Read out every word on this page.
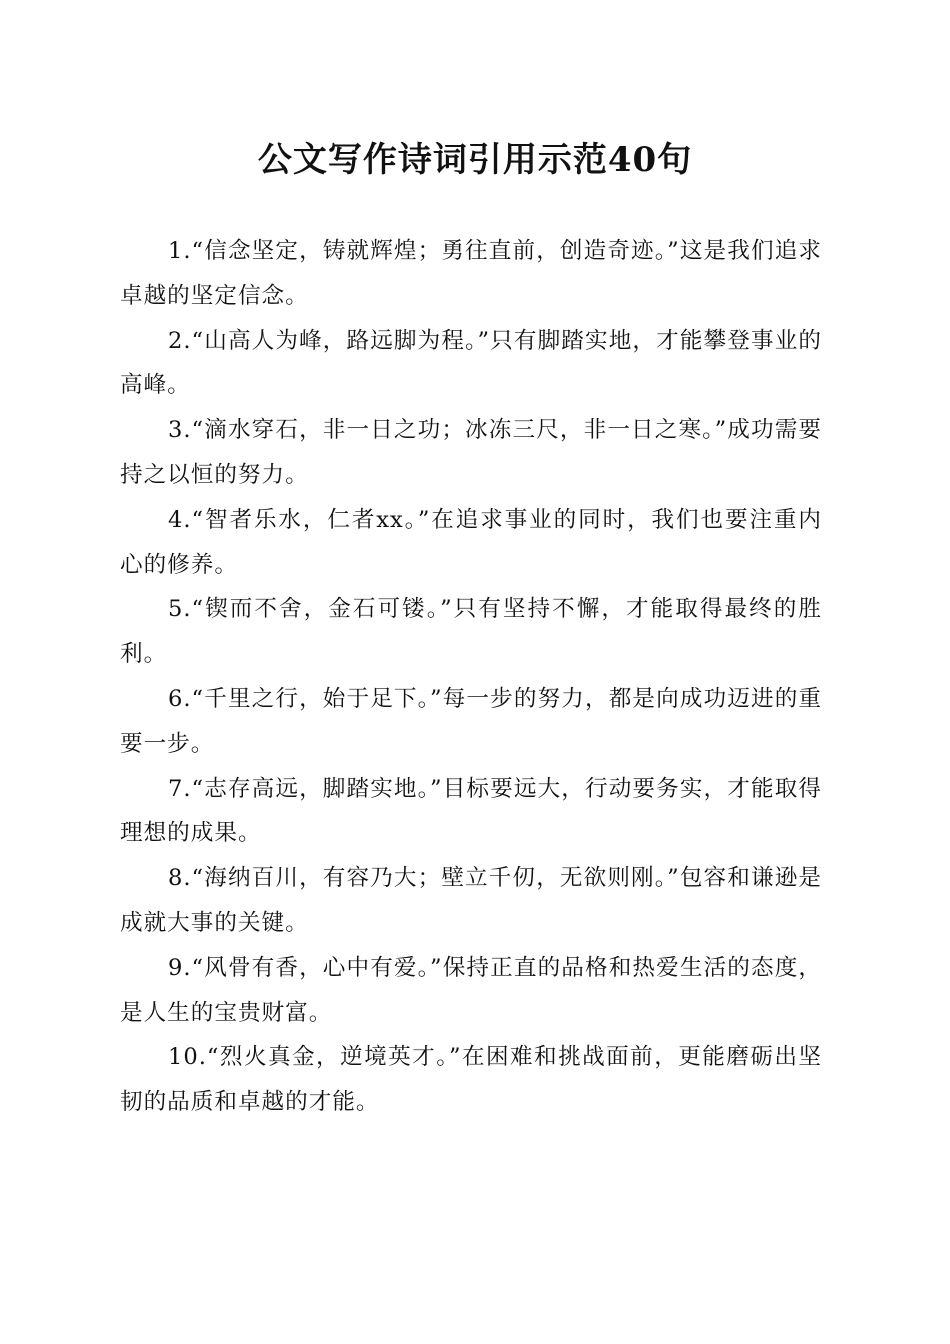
公文写作诗词引用示范40句

1.“信念坚定，铸就辉煌；勇往直前，创造奇迹。”这是我们追求卓越的坚定信念。

2.“山高人为峰，路远脚为程。”只有脚踏实地，才能攀登事业的高峰。

3.“滴水穿石，非一日之功；冰冻三尺，非一日之寒。”成功需要持之以恒的努力。

4.“智者乐水，仁者xx。”在追求事业的同时，我们也要注重内心的修养。

5.“锲而不舍，金石可镂。”只有坚持不懈，才能取得最终的胜利。

6.“千里之行，始于足下。”每一步的努力，都是向成功迈进的重要一步。

7.“志存高远，脚踏实地。”目标要远大，行动要务实，才能取得理想的成果。

8.“海纳百川，有容乃大；壁立千仞，无欲则刚。”包容和谦逊是成就大事的关键。

9.“风骨有香，心中有爱。”保持正直的品格和热爱生活的态度，是人生的宝贵财富。

10.“烈火真金，逆境英才。”在困难和挑战面前，更能磨砺出坚韧的品质和卓越的才能。
